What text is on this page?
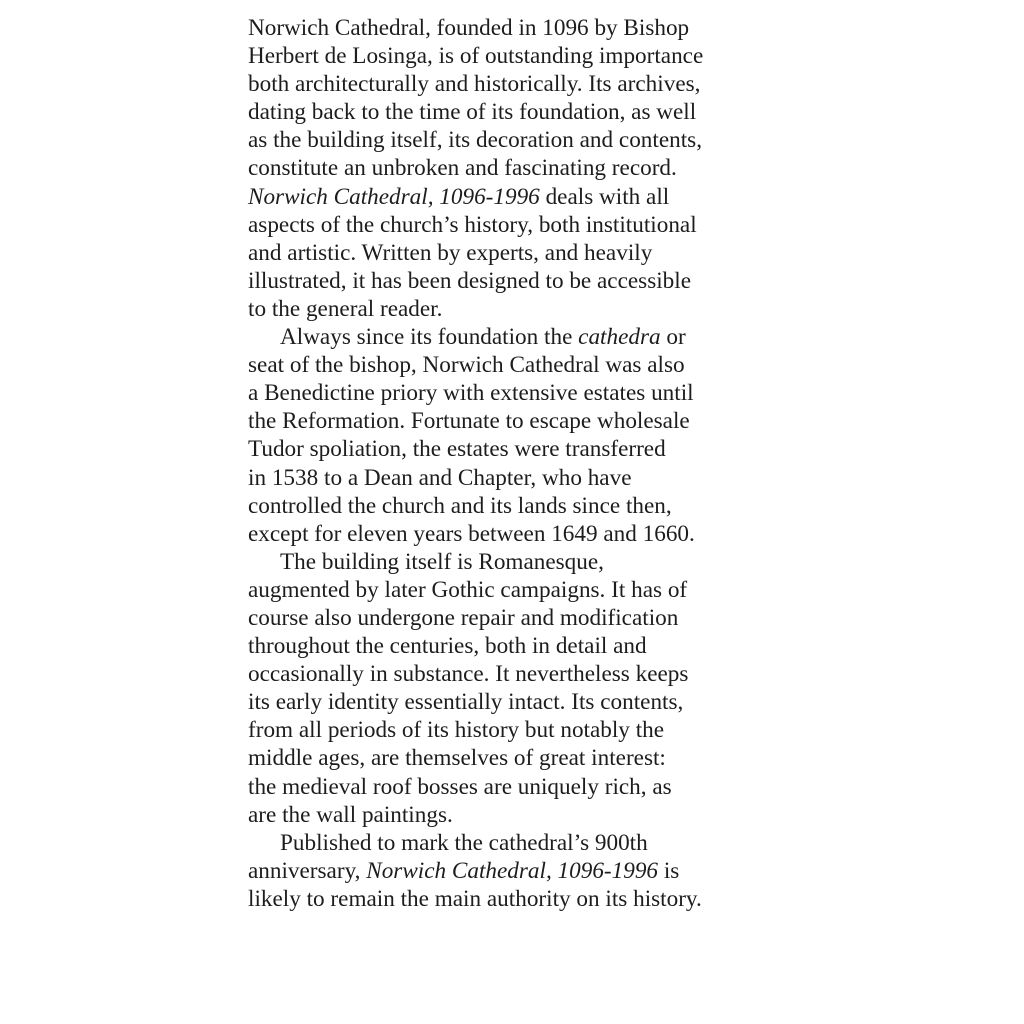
Norwich Cathedral, founded in 1096 by Bishop
Herbert de Losinga, is of outstanding importance
both architecturally and historically. Its archives,
dating back to the time of its foundation, as well
as the building itself, its decoration and contents,
constitute an unbroken and fascinating record.
Norwich Cathedral, 1096-1996 deals with all
aspects of the church’s history, both institutional
and artistic. Written by experts, and heavily
illustrated, it has been designed to be accessible
to the general reader.

Always since its foundation the cathedra or
seat of the bishop, Norwich Cathedral was also
a Benedictine priory with extensive estates until
the Reformation. Fortunate to escape wholesale
Tudor spoliation, the estates were transferred
in 1538 to a Dean and Chapter, who have
controlled the church and its lands since then,
except for eleven years between 1649 and 1660.

The building itself is Romanesque,
augmented by later Gothic campaigns. It has of
course also undergone repair and modification
throughout the centuries, both in detail and
occasionally in substance. It nevertheless keeps
its early identity essentially intact. Its contents,
from all periods of its history but notably the
middle ages, are themselves of great interest:
the medieval roof bosses are uniquely rich, as
are the wall paintings.

Published to mark the cathedral’s 900th
anniversary, Norwich Cathedral, 1096-1996 is
likely to remain the main authority on its history.
